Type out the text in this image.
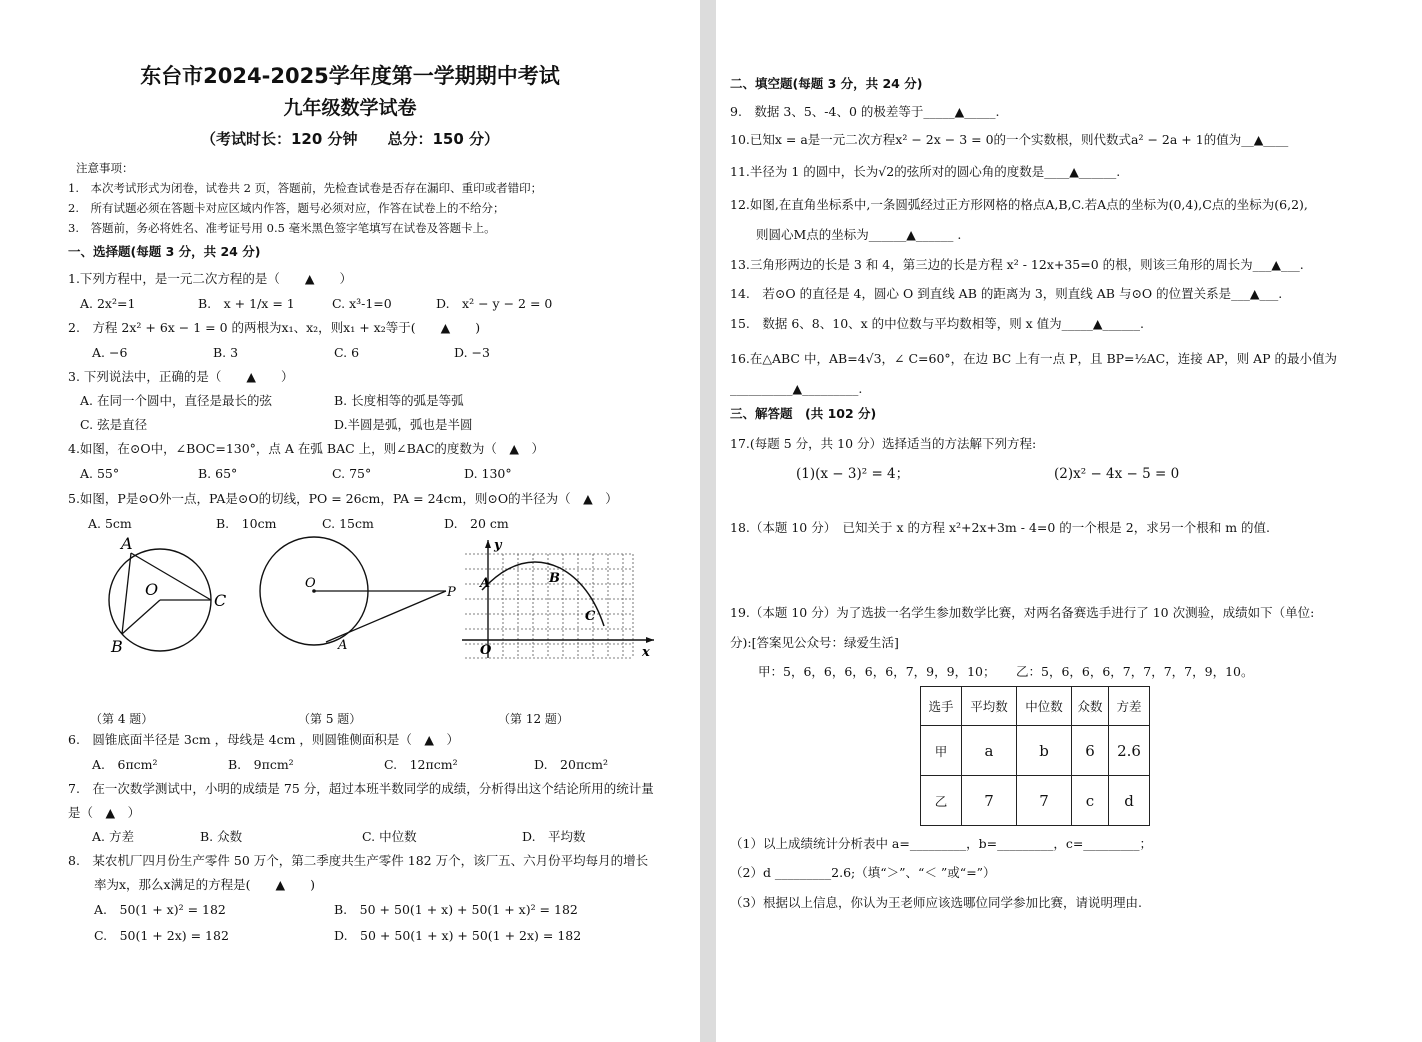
东台市2024-2025学年度第一学期期中考试
九年级数学试卷
（考试时长：120 分钟　　总分：150 分）
注意事项：
1.　本次考试形式为闭卷，试卷共 2 页，答题前，先检查试卷是否存在漏印、重印或者错印；
2.　所有试题必须在答题卡对应区域内作答，题号必须对应，作答在试卷上的不给分；
3.　答题前，务必将姓名、准考证号用 0.5 毫米黑色签字笔填写在试卷及答题卡上。
一、选择题(每题 3 分，共 24 分)
1.下列方程中，是一元二次方程的是（　　▲　　）
A. 2x²=1	B.　x + 1/x = 1	C. x³-1=0	D.　x² − y − 2 = 0
2.　方程 2x² + 6x − 1 = 0 的两根为x₁、x₂，则x₁ + x₂等于(　　▲　　)
A. −6	B. 3	C. 6	D. −3
3. 下列说法中，正确的是（　　▲　　）
A. 在同一个圆中，直径是最长的弦	B. 长度相等的弧是等弧
C. 弦是直径	D.半圆是弧，弧也是半圆
4.如图，在⊙O中，∠BOC=130°，点 A 在弧 BAC 上，则∠BAC的度数为（　▲　）
A. 55°	B. 65°	C. 75°	D. 130°
5.如图，P是⊙O外一点，PA是⊙O的切线，PO = 26cm，PA = 24cm，则⊙O的半径为（　▲　）
A. 5cm	B.　10cm	C. 15cm	D.　20 cm
A
O
C
B
O
P
A
y
x
O
A	B
C
（第 4 题）	（第 5 题）	（第 12 题）
6.　圆锥底面半径是 3cm ，母线是 4cm ，则圆锥侧面积是（　▲　）
A.　6πcm²	B.　9πcm²	C.　12πcm²	D.　20πcm²
7.　在一次数学测试中，小明的成绩是 75 分，超过本班半数同学的成绩，分析得出这个结论所用的统计量
是（　▲　）
A. 方差	B. 众数	C. 中位数	D.　平均数
8.　某农机厂四月份生产零件 50 万个，第二季度共生产零件 182 万个，该厂五、六月份平均每月的增长
率为x，那么x满足的方程是(　　▲　　)
A.　50(1 + x)² = 182	B.　50 + 50(1 + x) + 50(1 + x)² = 182
C.　50(1 + 2x) = 182	D.　50 + 50(1 + x) + 50(1 + 2x) = 182
二、填空题(每题 3 分，共 24 分)
9.　数据 3、5、-4、0 的极差等于_____▲_____.
10.已知x = a是一元二次方程x² − 2x − 3 = 0的一个实数根，则代数式a² − 2a + 1的值为__▲____
11.半径为 1 的圆中，长为√2的弦所对的圆心角的度数是____▲______.
12.如图,在直角坐标系中,一条圆弧经过正方形网格的格点A,B,C.若A点的坐标为(0,4),C点的坐标为(6,2),
则圆心M点的坐标为______▲______ .
13.三角形两边的长是 3 和 4，第三边的长是方程 x² - 12x+35=0 的根，则该三角形的周长为___▲___.
14.　若⊙O 的直径是 4，圆心 O 到直线 AB 的距离为 3，则直线 AB 与⊙O 的位置关系是___▲___.
15.　数据 6、8、10、x 的中位数与平均数相等，则 x 值为_____▲______.
16.在△ABC 中，AB=4√3，∠ C=60°，在边 BC 上有一点 P，且 BP=½AC，连接 AP，则 AP 的最小值为
__________▲_________.
三、解答题　(共 102 分)
17.(每题 5 分，共 10 分）选择适当的方法解下列方程:
(1)(x − 3)² = 4；	(2)x² − 4x − 5 = 0
18.（本题 10 分）　已知关于 x 的方程 x²+2x+3m - 4=0 的一个根是 2，求另一个根和 m 的值.
19.（本题 10 分）为了选拔一名学生参加数学比赛，对两名备赛选手进行了 10 次测验，成绩如下（单位:
分):[答案见公众号：绿爱生活]
甲：5，6，6，6，6，6，7，9，9，10； 乙：5，6，6，6，7，7，7，7，9，10。
选手	平均数	中位数	众数	方差
甲	a	b	6	2.6
乙	7	7	c	d
（1）以上成绩统计分析表中 a=_________，b=_________，c=_________；
（2）d _________2.6;（填“＞”、“＜ ”或“=”）
（3）根据以上信息，你认为王老师应该选哪位同学参加比赛，请说明理由.
